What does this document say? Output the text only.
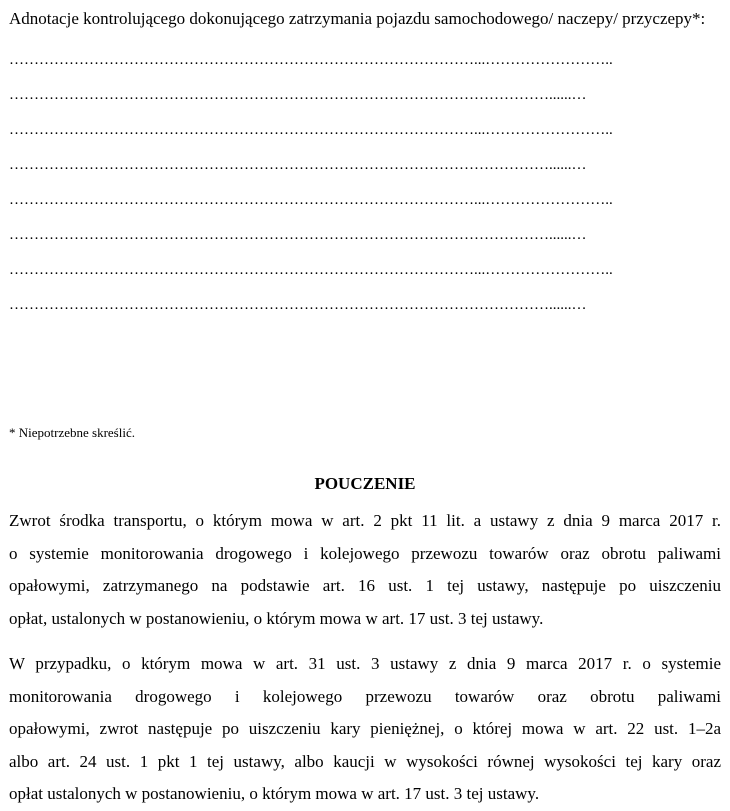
Adnotacje kontrolującego dokonującego zatrzymania pojazdu samochodowego/ naczepy/ przyczepy*:
…………………………………………………………………………………...……………………..
………………………………………………………………………………………………......…
…………………………………………………………………………………...……………………..
………………………………………………………………………………………………......…
…………………………………………………………………………………...……………………..
………………………………………………………………………………………………......…
…………………………………………………………………………………...……………………..
………………………………………………………………………………………………......…
* Niepotrzebne skreślić.
POUCZENIE
Zwrot środka transportu, o którym mowa w art. 2 pkt 11 lit. a ustawy z dnia 9 marca 2017 r.
o systemie monitorowania drogowego i kolejowego przewozu towarów oraz obrotu paliwami
opałowymi, zatrzymanego na podstawie art. 16 ust. 1 tej ustawy, następuje po uiszczeniu
opłat, ustalonych w postanowieniu, o którym mowa w art. 17 ust. 3 tej ustawy.
W przypadku, o którym mowa w art. 31 ust. 3 ustawy z dnia 9 marca 2017 r. o systemie
monitorowania drogowego i kolejowego przewozu towarów oraz obrotu paliwami
opałowymi, zwrot następuje po uiszczeniu kary pieniężnej, o której mowa w art. 22 ust. 1–2a
albo art. 24 ust. 1 pkt 1 tej ustawy, albo kaucji w wysokości równej wysokości tej kary oraz
opłat ustalonych w postanowieniu, o którym mowa w art. 17 ust. 3 tej ustawy.
